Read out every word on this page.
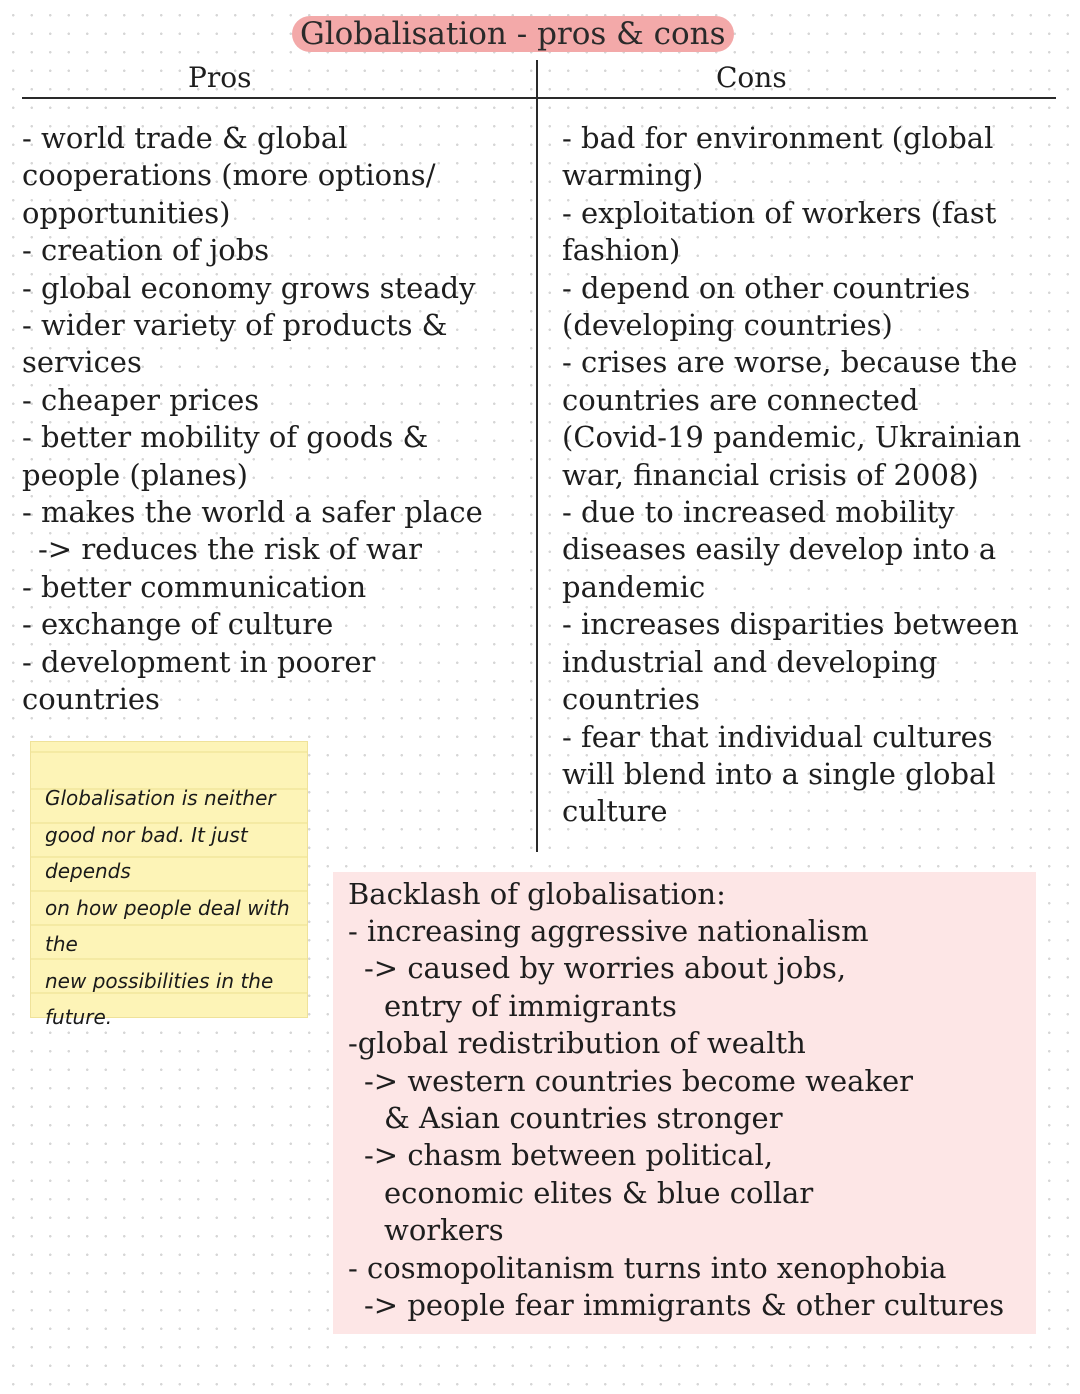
Globalisation - pros & cons
Pros	Cons
- world trade & global
cooperations (more options/
opportunities)
- creation of jobs
- global economy grows steady
- wider variety of products &
services
- cheaper prices
- better mobility of goods &
people (planes)
- makes the world a safer place
-> reduces the risk of war
- better communication
- exchange of culture
- development in poorer
countries
- bad for environment (global
warming)
- exploitation of workers (fast
fashion)
- depend on other countries
(developing countries)
- crises are worse, because the
countries are connected
(Covid-19 pandemic, Ukrainian
war, financial crisis of 2008)
- due to increased mobility
diseases easily develop into a
pandemic
- increases disparities between
industrial and developing
countries
- fear that individual cultures
will blend into a single global
culture
Globalisation is neither
good nor bad. It just depends
on how people deal with the
new possibilities in the
future.
Backlash of globalisation:
- increasing aggressive nationalism
-> caused by worries about jobs,
entry of immigrants
-global redistribution of wealth
-> western countries become weaker
& Asian countries stronger
-> chasm between political,
economic elites & blue collar
workers
- cosmopolitanism turns into xenophobia
-> people fear immigrants & other cultures
